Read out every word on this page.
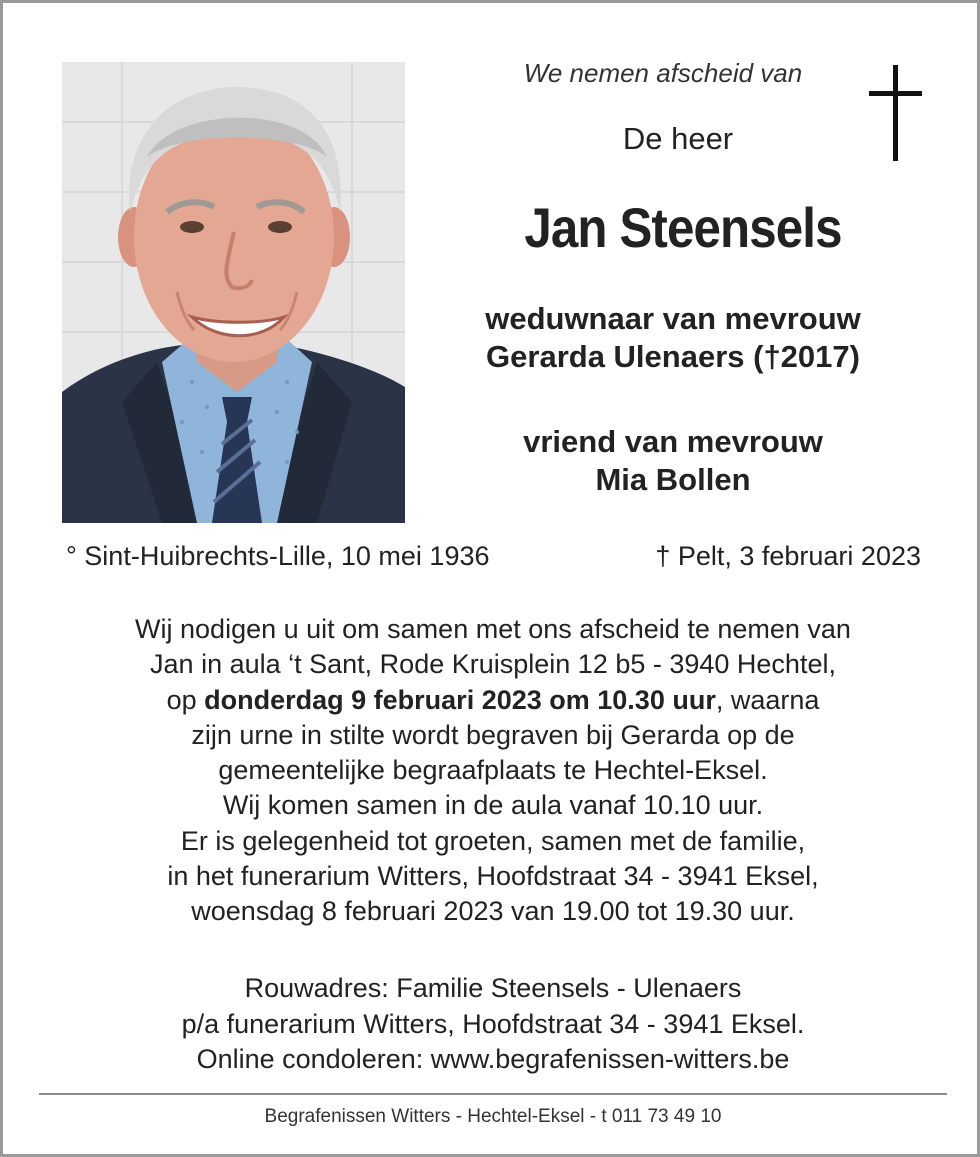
We nemen afscheid van
De heer
Jan Steensels
weduwnaar van mevrouw
Gerarda Ulenaers (†2017)
vriend van mevrouw
Mia Bollen
° Sint-Huibrechts-Lille, 10 mei 1936	† Pelt, 3 februari 2023
Wij nodigen u uit om samen met ons afscheid te nemen van
Jan in aula ‘t Sant, Rode Kruisplein 12 b5 - 3940 Hechtel,
op donderdag 9 februari 2023 om 10.30 uur, waarna
zijn urne in stilte wordt begraven bij Gerarda op de
gemeentelijke begraafplaats te Hechtel-Eksel.
Wij komen samen in de aula vanaf 10.10 uur.
Er is gelegenheid tot groeten, samen met de familie,
in het funerarium Witters, Hoofdstraat 34 - 3941 Eksel,
woensdag 8 februari 2023 van 19.00 tot 19.30 uur.
Rouwadres: Familie Steensels - Ulenaers
p/a funerarium Witters, Hoofdstraat 34 - 3941 Eksel.
Online condoleren: www.begrafenissen-witters.be
Begrafenissen Witters - Hechtel-Eksel - t 011 73 49 10
